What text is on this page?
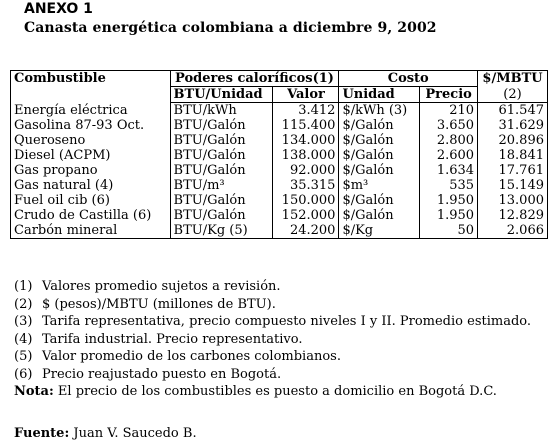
ANEXO 1
Canasta energética colombiana a diciembre 9, 2002
Combustible	Poderes caloríficos(1)		Costo		$/MBTU
	BTU/Unidad	Valor	Unidad	Precio	(2)
Energía eléctrica	BTU/kWh	3.412	$/kWh (3)	210	61.547
Gasolina 87-93 Oct.	BTU/Galón	115.400	$/Galón	3.650	31.629
Queroseno	BTU/Galón	134.000	$/Galón	2.800	20.896
Diesel (ACPM)	BTU/Galón	138.000	$/Galón	2.600	18.841
Gas propano	BTU/Galón	92.000	$/Galón	1.634	17.761
Gas natural (4)	BTU/m³	35.315	$m³	535	15.149
Fuel oil cib (6)	BTU/Galón	150.000	$/Galón	1.950	13.000
Crudo de Castilla (6)	BTU/Galón	152.000	$/Galón	1.950	12.829
Carbón mineral	BTU/Kg (5)	24.200	$/Kg	50	2.066
(1) Valores promedio sujetos a revisión.
(2) $ (pesos)/MBTU (millones de BTU).
(3) Tarifa representativa, precio compuesto niveles I y II. Promedio estimado.
(4) Tarifa industrial. Precio representativo.
(5) Valor promedio de los carbones colombianos.
(6) Precio reajustado puesto en Bogotá.
Nota: El precio de los combustibles es puesto a domicilio en Bogotá D.C.
Fuente: Juan V. Saucedo B.
